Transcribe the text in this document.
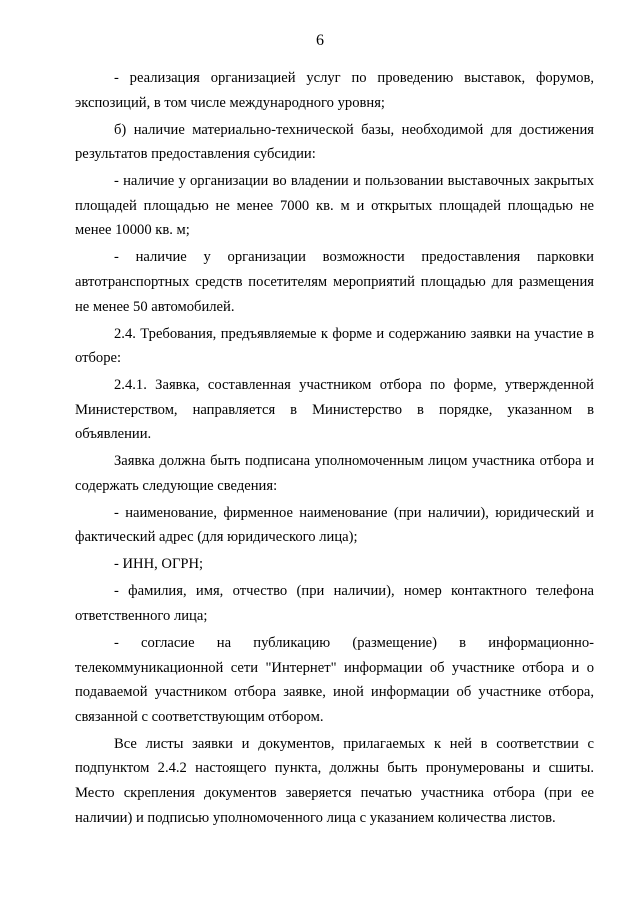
6

- реализация организацией услуг по проведению выставок, форумов, экспозиций, в том числе международного уровня;

б) наличие материально-технической базы, необходимой для достижения результатов предоставления субсидии:

- наличие у организации во владении и пользовании выставочных закрытых площадей площадью не менее 7000 кв. м и открытых площадей площадью не менее 10000 кв. м;

- наличие у организации возможности предоставления парковки автотранспортных средств посетителям мероприятий площадью для размещения не менее 50 автомобилей.

2.4. Требования, предъявляемые к форме и содержанию заявки на участие в отборе:

2.4.1. Заявка, составленная участником отбора по форме, утвержденной Министерством, направляется в Министерство в порядке, указанном в объявлении.

Заявка должна быть подписана уполномоченным лицом участника отбора и содержать следующие сведения:

- наименование, фирменное наименование (при наличии), юридический и фактический адрес (для юридического лица);

- ИНН, ОГРН;

- фамилия, имя, отчество (при наличии), номер контактного телефона ответственного лица;

- согласие на публикацию (размещение) в информационно-телекоммуникационной сети "Интернет" информации об участнике отбора и о подаваемой участником отбора заявке, иной информации об участнике отбора, связанной с соответствующим отбором.

Все листы заявки и документов, прилагаемых к ней в соответствии с подпунктом 2.4.2 настоящего пункта, должны быть пронумерованы и сшиты. Место скрепления документов заверяется печатью участника отбора (при ее наличии) и подписью уполномоченного лица с указанием количества листов.
